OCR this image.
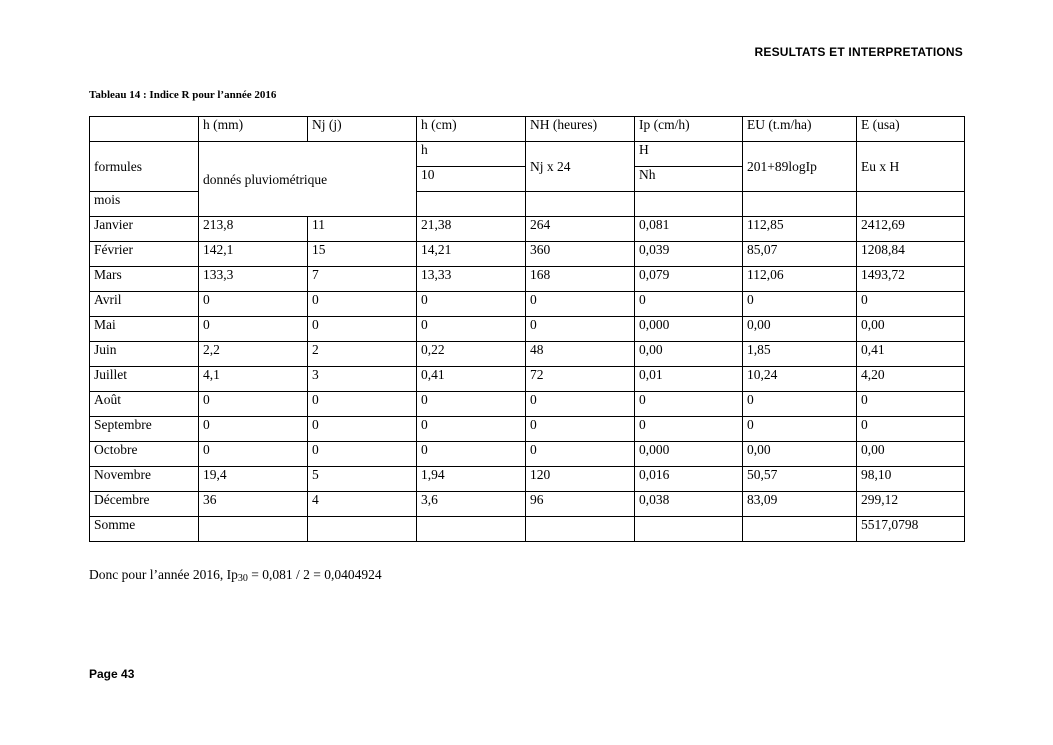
RESULTATS ET INTERPRETATIONS
Tableau 14 : Indice R pour l’année 2016
	h (mm)	Nj (j)	h (cm)	NH (heures)	Ip (cm/h)	EU (t.m/ha)	E (usa)
formules	donnés pluviométrique		h	Nj x 24	H	201+89logIp	Eu x H
			10		Nh		
mois							
Janvier	213,8	11	21,38	264	0,081	112,85	2412,69
Février	142,1	15	14,21	360	0,039	85,07	1208,84
Mars	133,3	7	13,33	168	0,079	112,06	1493,72
Avril	0	0	0	0	0	0	0
Mai	0	0	0	0	0,000	0,00	0,00
Juin	2,2	2	0,22	48	0,00	1,85	0,41
Juillet	4,1	3	0,41	72	0,01	10,24	4,20
Août	0	0	0	0	0	0	0
Septembre	0	0	0	0	0	0	0
Octobre	0	0	0	0	0,000	0,00	0,00
Novembre	19,4	5	1,94	120	0,016	50,57	98,10
Décembre	36	4	3,6	96	0,038	83,09	299,12
Somme							5517,0798
Donc pour l’année 2016, $Ip_{30} = 0,081 / 2 = 0,0404924$
Page 43
